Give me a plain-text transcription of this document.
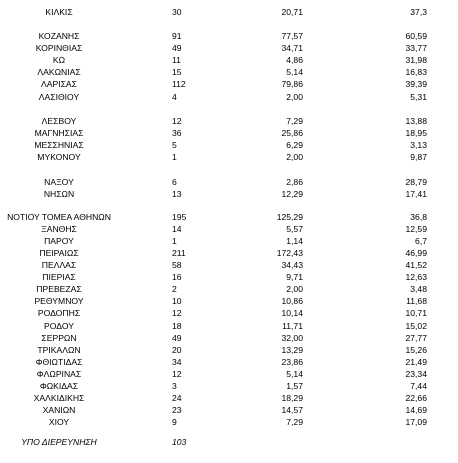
ΚΙΛΚΙΣ	30	20,71	37,3
ΚΟΖΑΝΗΣ	91	77,57	60,59
ΚΟΡΙΝΘΙΑΣ	49	34,71	33,77
ΚΩ	11	4,86	31,98
ΛΑΚΩΝΙΑΣ	15	5,14	16,83
ΛΑΡΙΣΑΣ	112	79,86	39,39
ΛΑΣΙΘΙΟΥ	4	2,00	5,31
ΛΕΣΒΟΥ	12	7,29	13,88
ΜΑΓΝΗΣΙΑΣ	36	25,86	18,95
ΜΕΣΣΗΝΙΑΣ	5	6,29	3,13
ΜΥΚΟΝΟΥ	1	2,00	9,87
ΝΑΞΟΥ	6	2,86	28,79
ΝΗΣΩΝ	13	12,29	17,41
ΝΟΤΙΟΥ ΤΟΜΕΑ ΑΘΗΝΩΝ	195	125,29	36,8
ΞΑΝΘΗΣ	14	5,57	12,59
ΠΑΡΟΥ	1	1,14	6,7
ΠΕΙΡΑΙΩΣ	211	172,43	46,99
ΠΕΛΛΑΣ	58	34,43	41,52
ΠΙΕΡΙΑΣ	16	9,71	12,63
ΠΡΕΒΕΖΑΣ	2	2,00	3,48
ΡΕΘΥΜΝΟΥ	10	10,86	11,68
ΡΟΔΟΠΗΣ	12	10,14	10,71
ΡΟΔΟΥ	18	11,71	15,02
ΣΕΡΡΩΝ	49	32,00	27,77
ΤΡΙΚΑΛΩΝ	20	13,29	15,26
ΦΘΙΩΤΙΔΑΣ	34	23,86	21,49
ΦΛΩΡΙΝΑΣ	12	5,14	23,34
ΦΩΚΙΔΑΣ	3	1,57	7,44
ΧΑΛΚΙΔΙΚΗΣ	24	18,29	22,66
ΧΑΝΙΩΝ	23	14,57	14,69
ΧΙΟΥ	9	7,29	17,09
ΥΠΟ ΔΙΕΡΕΥΝΗΣΗ	103
